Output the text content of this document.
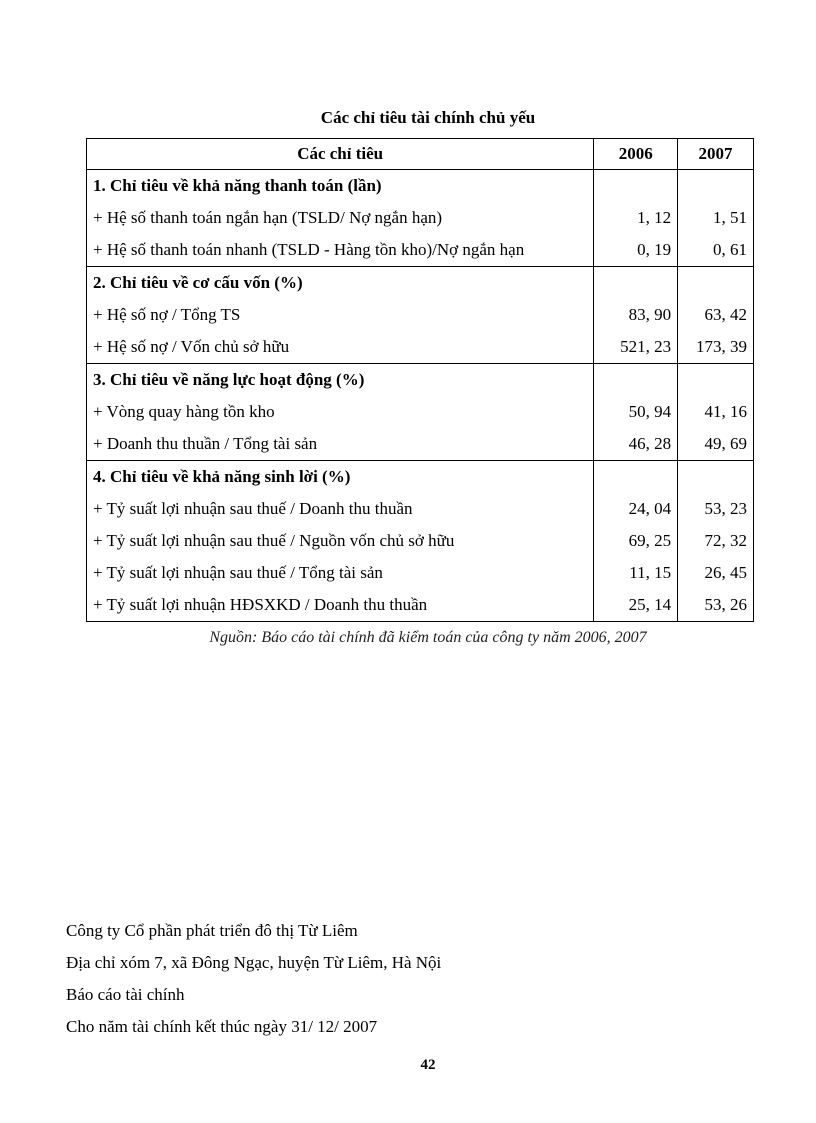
Các chỉ tiêu tài chính chủ yếu
Các chỉ tiêu	2006	2007
1. Chỉ tiêu về khả năng thanh toán (lần)		
+ Hệ số thanh toán ngắn hạn (TSLD/ Nợ ngắn hạn)	1, 12	1, 51
+ Hệ số thanh toán nhanh (TSLD - Hàng tồn kho)/Nợ ngắn hạn	0, 19	0, 61
2. Chỉ tiêu về cơ cấu vốn (%)		
+ Hệ số nợ / Tổng TS	83, 90	63, 42
+ Hệ số nợ / Vốn chủ sở hữu	521, 23	173, 39
3. Chỉ tiêu về năng lực hoạt động (%)		
+ Vòng quay hàng tồn kho	50, 94	41, 16
+ Doanh thu thuần / Tổng tài sản	46, 28	49, 69
4. Chỉ tiêu về khả năng sinh lời (%)		
+ Tỷ suất lợi nhuận sau thuế / Doanh thu thuần	24, 04	53, 23
+ Tỷ suất lợi nhuận sau thuế / Nguồn vốn chủ sở hữu	69, 25	72, 32
+ Tỷ suất lợi nhuận sau thuế / Tổng tài sản	11, 15	26, 45
+ Tỷ suất lợi nhuận HĐSXKD / Doanh thu thuần	25, 14	53, 26
Nguồn: Báo cáo tài chính đã kiểm toán của công ty năm 2006, 2007
Công ty Cổ phần phát triển đô thị Từ Liêm
Địa chỉ xóm 7, xã Đông Ngạc, huyện Từ Liêm, Hà Nội
Báo cáo tài chính
Cho năm tài chính kết thúc ngày 31/ 12/ 2007
42
